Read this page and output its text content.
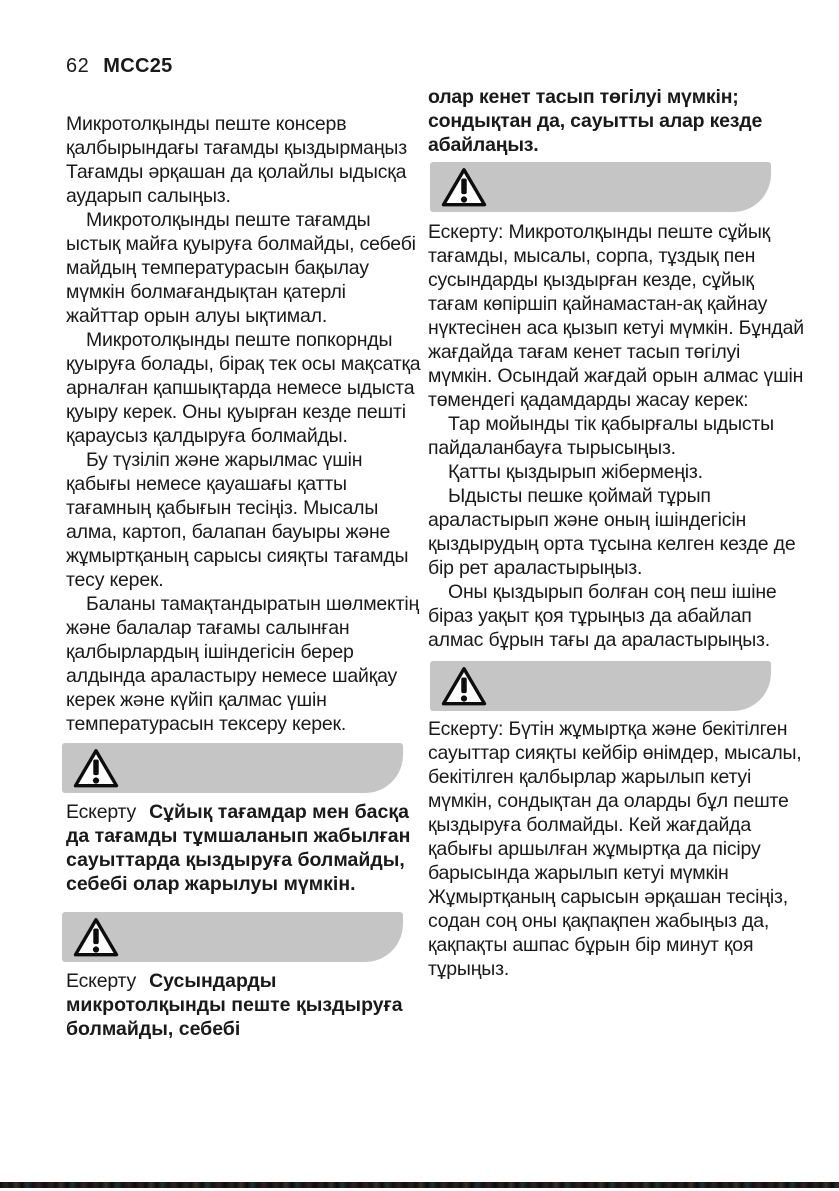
62 MCC25

Микротолқынды пеште консерв қалбырындағы тағамды қыздырмаңыз Тағамды әрқашан да қолайлы ыдысқа аударып салыңыз.

Микротолқынды пеште тағамды ыстық майға қуыруға болмайды, себебі майдың температурасын бақылау мүмкін болмағандықтан қатерлі жайттар орын алуы ықтимал.

Микротолқынды пеште попкорнды қуыруға болады, бірақ тек осы мақсатқа арналған қапшықтарда немесе ыдыста қуыру керек. Оны қуырған кезде пешті қараусыз қалдыруға болмайды.

Бу түзіліп және жарылмас үшін қабығы немесе қауашағы қатты тағамның қабығын тесіңіз. Мысалы алма, картоп, балапан бауыры және жұмыртқаның сарысы сияқты тағамды тесу керек.

Баланы тамақтандыратын шөлмектің және балалар тағамы салынған қалбырлардың ішіндегісін берер алдында араластыру немесе шайқау керек және күйіп қалмас үшін температурасын тексеру керек.

Ескерту Сұйық тағамдар мен басқа да тағамды тұмшаланып жабылған сауыттарда қыздыруға болмайды, себебі олар жарылуы мүмкін.

Ескерту Сусындарды микротолқынды пеште қыздыруға болмайды, себебі

олар кенет тасып төгілуі мүмкін; сондықтан да, сауытты алар кезде абайлаңыз.

Ескерту: Микротолқынды пеште сұйық тағамды, мысалы, сорпа, тұздық пен сусындарды қыздырған кезде, сұйық тағам көпіршіп қайнамастан-ақ қайнау нүктесінен аса қызып кетуі мүмкін. Бұндай жағдайда тағам кенет тасып төгілуі мүмкін. Осындай жағдай орын алмас үшін төмендегі қадамдарды жасау керек:

Тар мойынды тік қабырғалы ыдысты пайдаланбауға тырысыңыз.

Қатты қыздырып жібермеңіз.

Ыдысты пешке қоймай тұрып араластырып және оның ішіндегісін қыздырудың орта тұсына келген кезде де бір рет араластырыңыз.

Оны қыздырып болған соң пеш ішіне біраз уақыт қоя тұрыңыз да абайлап алмас бұрын тағы да араластырыңыз.

Ескерту: Бүтін жұмыртқа және бекітілген сауыттар сияқты кейбір өнімдер, мысалы, бекітілген қалбырлар жарылып кетуі мүмкін, сондықтан да оларды бұл пеште қыздыруға болмайды. Кей жағдайда қабығы аршылған жұмыртқа да пісіру барысында жарылып кетуі мүмкін Жұмыртқаның сарысын әрқашан тесіңіз, содан соң оны қақпақпен жабыңыз да, қақпақты ашпас бұрын бір минут қоя тұрыңыз.
